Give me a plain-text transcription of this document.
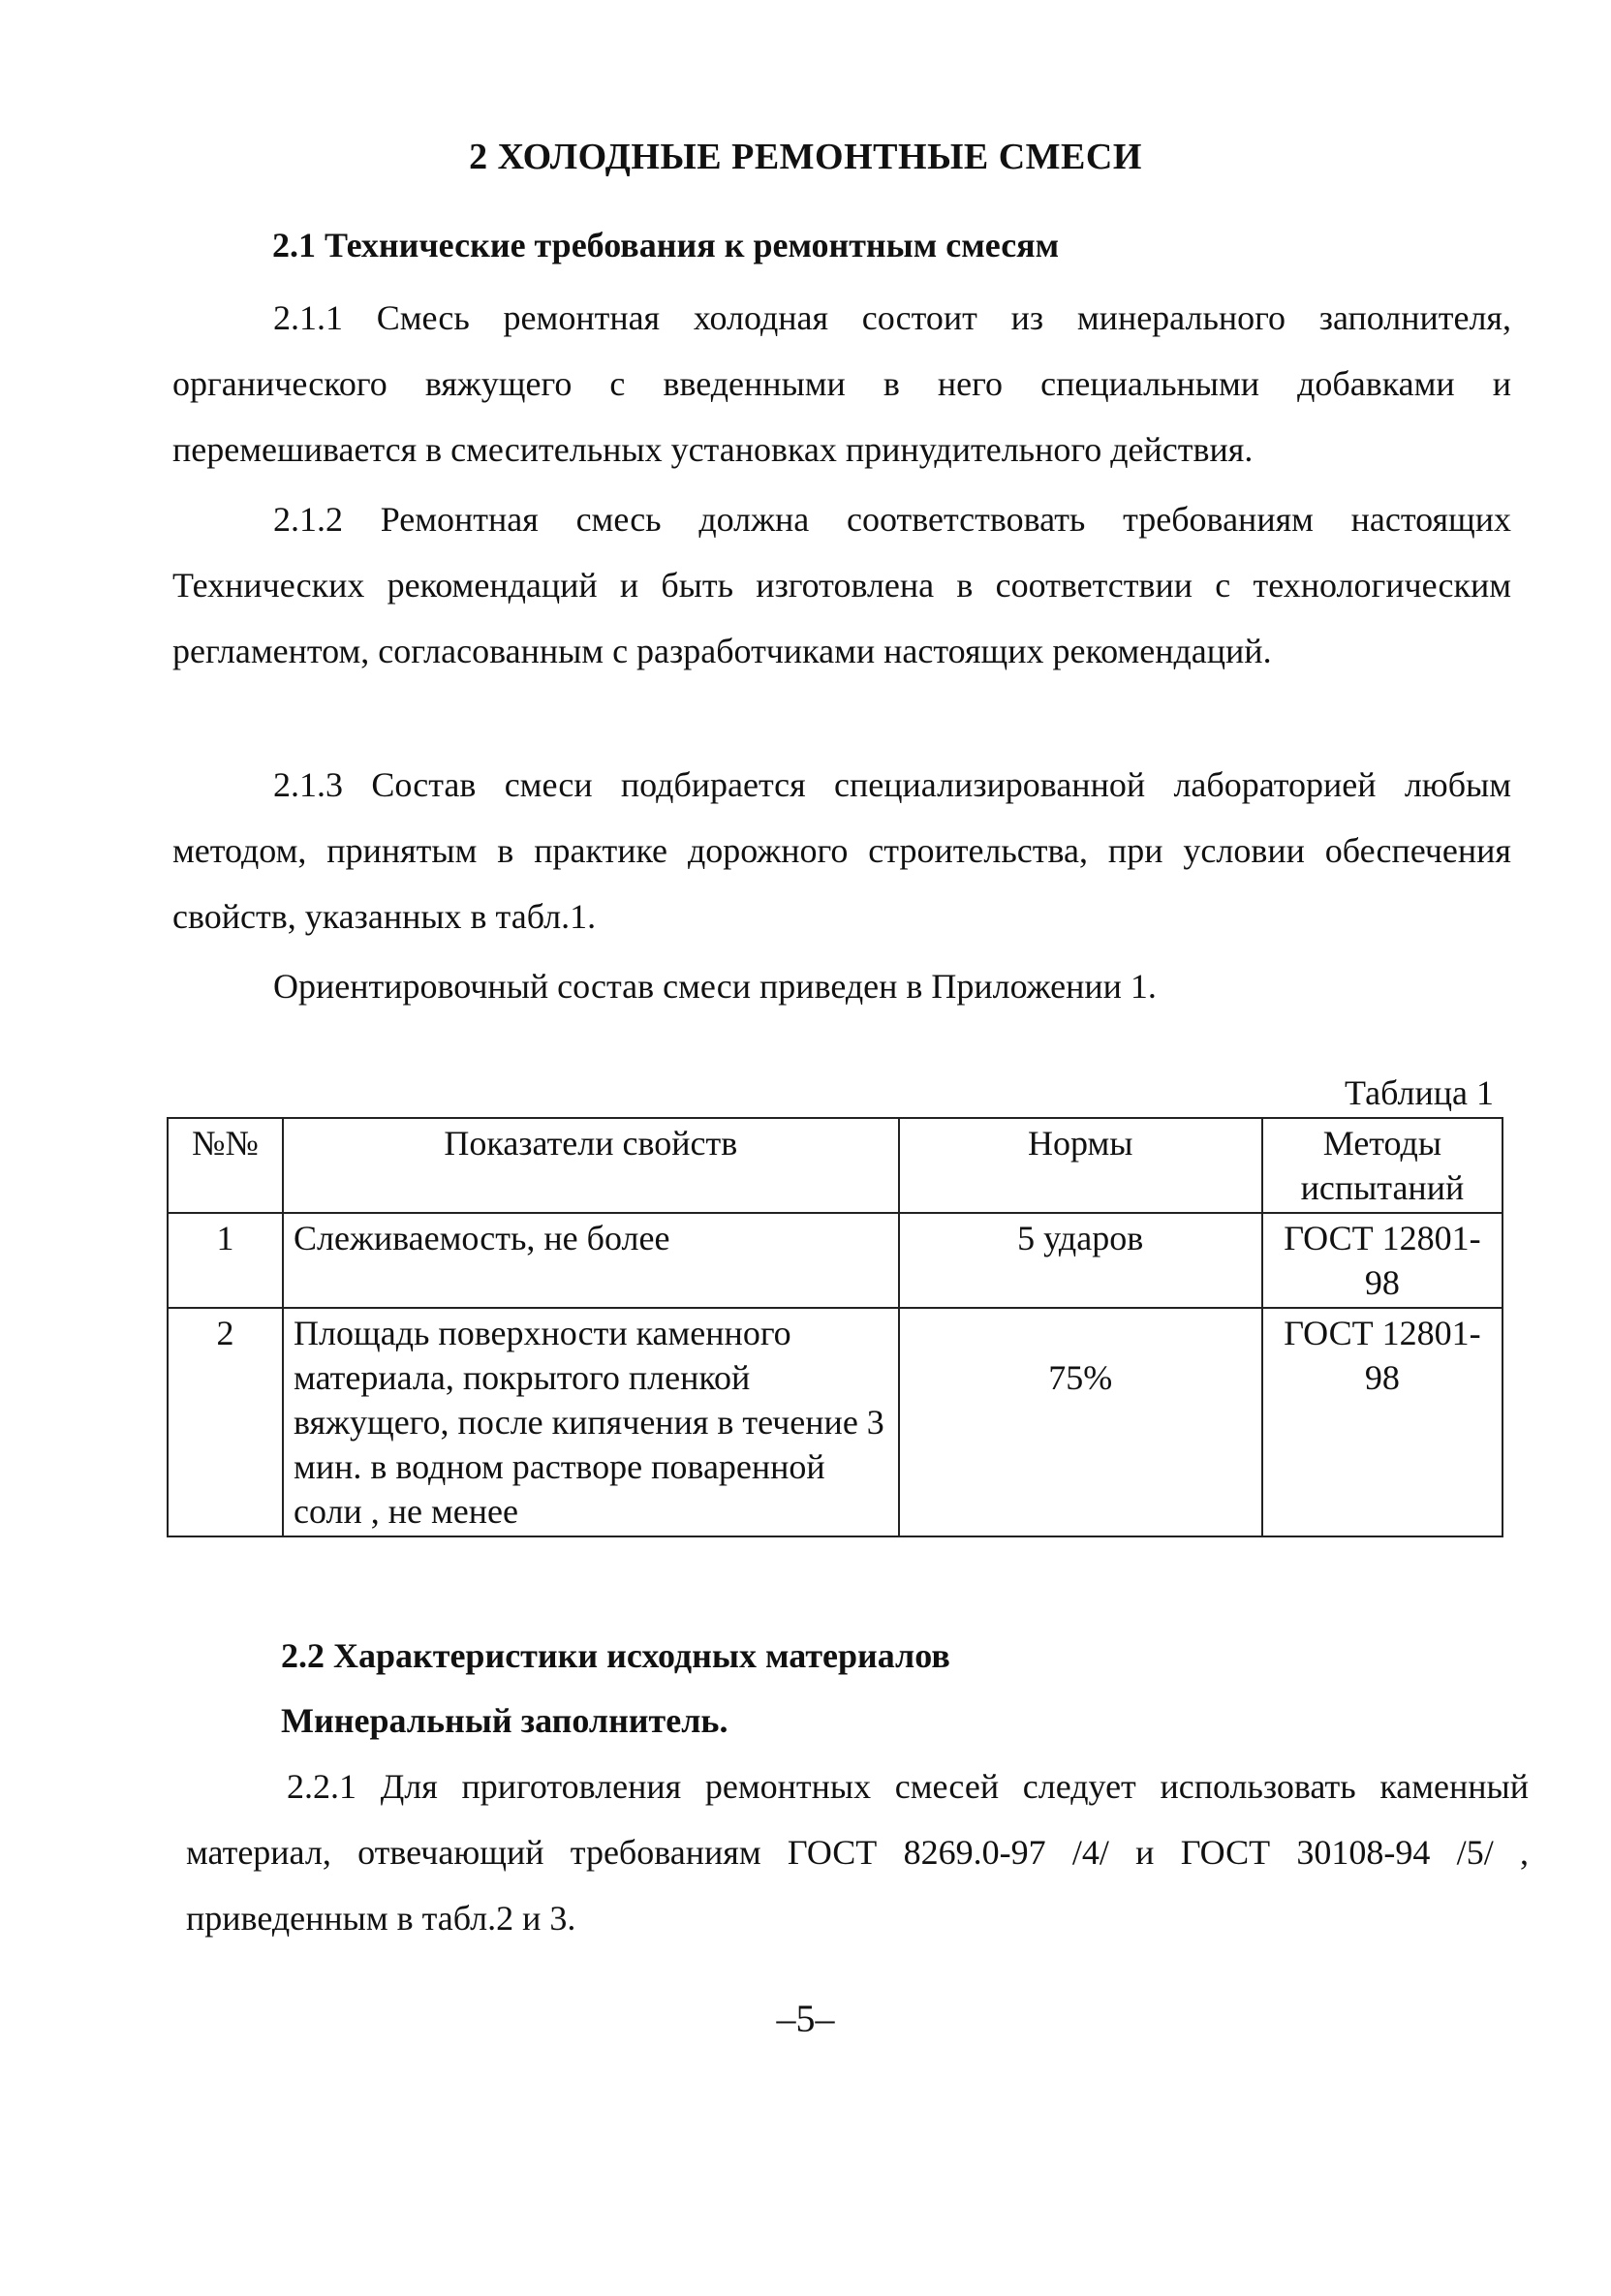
2 ХОЛОДНЫЕ РЕМОНТНЫЕ СМЕСИ
2.1 Технические требования к ремонтным смесям

2.1.1 Смесь ремонтная холодная состоит из минерального заполнителя, органического вяжущего с введенными в него специальными добавками и перемешивается в смесительных установках принудительного действия.

2.1.2 Ремонтная смесь должна соответствовать требованиям настоящих Технических рекомендаций и быть изготовлена в соответствии с технологическим регламентом, согласованным с разработчиками настоящих рекомендаций.

2.1.3 Состав смеси подбирается специализированной лабораторией любым методом, принятым в практике дорожного строительства, при условии обеспечения свойств, указанных в табл.1.

Ориентировочный состав смеси приведен в Приложении 1.

Таблица 1
№№	Показатели свойств	Нормы	Методы испытаний
1	Слеживаемость, не более	5 ударов	ГОСТ 12801-98
2	Площадь поверхности каменного материала, покрытого пленкой вяжущего, после кипячения в течение 3 мин. в водном растворе поваренной соли , не менее	75%	ГОСТ 12801-98
2.2 Характеристики исходных материалов
Минеральный заполнитель.

2.2.1 Для приготовления ремонтных смесей следует использовать каменный материал, отвечающий требованиям ГОСТ 8269.0-97 /4/ и ГОСТ 30108-94 /5/ , приведенным в табл.2 и 3.

–5–
